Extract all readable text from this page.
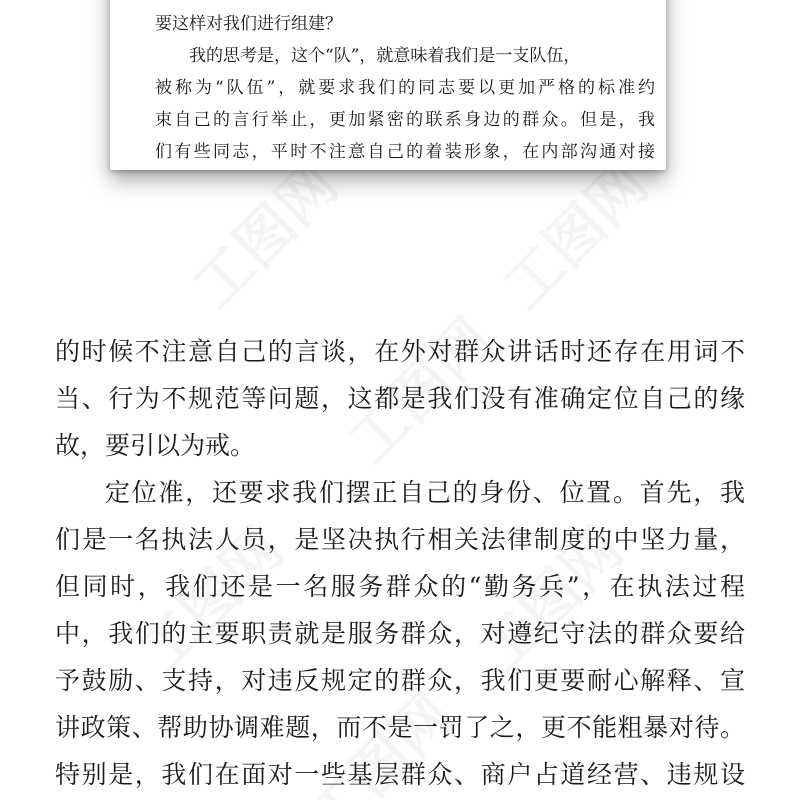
要这样对我们进行组建？
我的思考是，这个“队”，就意味着我们是一支队伍，
被称为“队伍”，就要求我们的同志要以更加严格的标准约
束自己的言行举止，更加紧密的联系身边的群众。但是，我
们有些同志，平时不注意自己的着装形象，在内部沟通对接
的时候不注意自己的言谈，在外对群众讲话时还存在用词不
当、行为不规范等问题，这都是我们没有准确定位自己的缘
故，要引以为戒。
定位准，还要求我们摆正自己的身份、位置。首先，我
们是一名执法人员，是坚决执行相关法律制度的中坚力量，
但同时，我们还是一名服务群众的“勤务兵”，在执法过程
中，我们的主要职责就是服务群众，对遵纪守法的群众要给
予鼓励、支持，对违反规定的群众，我们更要耐心解释、宣
讲政策、帮助协调难题，而不是一罚了之，更不能粗暴对待。
特别是，我们在面对一些基层群众、商户占道经营、违规设
